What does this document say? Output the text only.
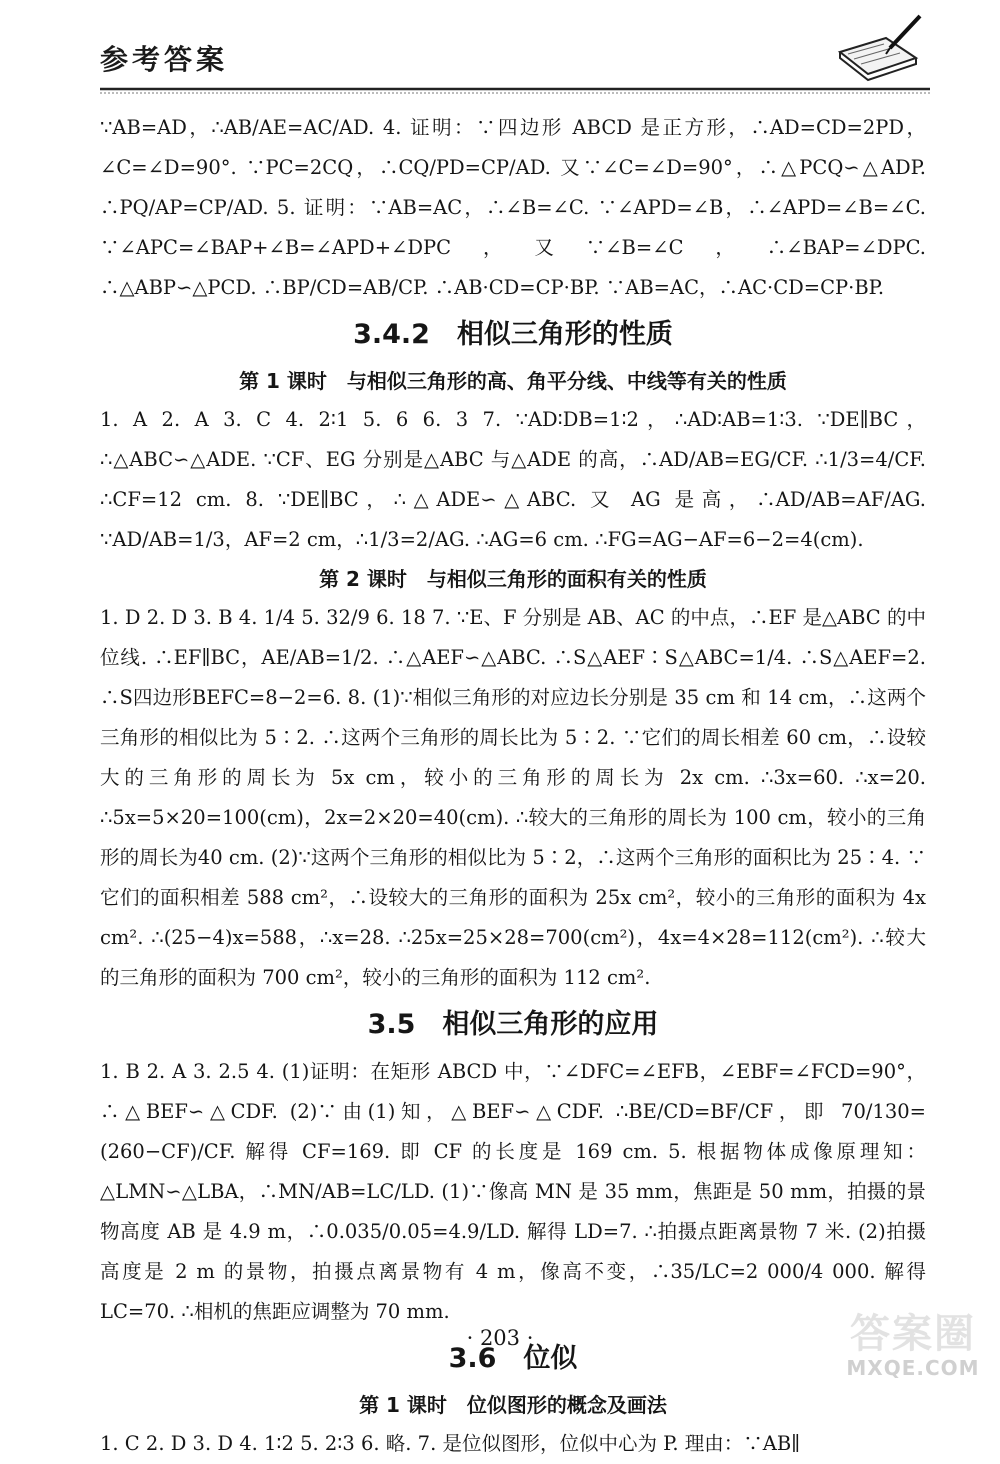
参考答案

∵AB=AD，∴AB/AE=AC/AD. 4. 证明：∵四边形 ABCD 是正方形，∴AD=CD=2PD，∠C=∠D=90°. ∵PC=2CQ，∴CQ/PD=CP/AD. 又∵∠C=∠D=90°，∴△PCQ∽△ADP. ∴PQ/AP=CP/AD. 5. 证明：∵AB=AC，∴∠B=∠C. ∵∠APD=∠B，∴∠APD=∠B=∠C. ∵∠APC=∠BAP+∠B=∠APD+∠DPC，又∵∠B=∠C，∴∠BAP=∠DPC. ∴△ABP∽△PCD. ∴BP/CD=AB/CP. ∴AB·CD=CP·BP. ∵AB=AC，∴AC·CD=CP·BP.

3.4.2　相似三角形的性质
第 1 课时　与相似三角形的高、角平分线、中线等有关的性质

1. A 2. A 3. C 4. 2∶1 5. 6 6. 3 7. ∵AD∶DB=1∶2，∴AD∶AB=1∶3. ∵DE∥BC，∴△ABC∽△ADE. ∵CF、EG 分别是△ABC 与△ADE 的高，∴AD/AB=EG/CF. ∴1/3=4/CF. ∴CF=12 cm. 8. ∵DE∥BC，∴△ADE∽△ABC. 又 AG 是高，∴AD/AB=AF/AG. ∵AD/AB=1/3，AF=2 cm，∴1/3=2/AG. ∴AG=6 cm. ∴FG=AG−AF=6−2=4(cm).

第 2 课时　与相似三角形的面积有关的性质

1. D 2. D 3. B 4. 1/4 5. 32/9 6. 18 7. ∵E、F 分别是 AB、AC 的中点，∴EF 是△ABC 的中位线. ∴EF∥BC，AE/AB=1/2. ∴△AEF∽△ABC. ∴S△AEF∶S△ABC=1/4. ∴S△AEF=2. ∴S四边形BEFC=8−2=6. 8. (1)∵相似三角形的对应边长分别是 35 cm 和 14 cm，∴这两个三角形的相似比为 5∶2. ∴这两个三角形的周长比为 5∶2. ∵它们的周长相差 60 cm，∴设较大的三角形的周长为 5x cm，较小的三角形的周长为 2x cm. ∴3x=60. ∴x=20. ∴5x=5×20=100(cm)，2x=2×20=40(cm). ∴较大的三角形的周长为 100 cm，较小的三角形的周长为40 cm. (2)∵这两个三角形的相似比为 5∶2，∴这两个三角形的面积比为 25∶4. ∵它们的面积相差 588 cm²，∴设较大的三角形的面积为 25x cm²，较小的三角形的面积为 4x cm². ∴(25−4)x=588，∴x=28. ∴25x=25×28=700(cm²)，4x=4×28=112(cm²). ∴较大的三角形的面积为 700 cm²，较小的三角形的面积为 112 cm².

3.5　相似三角形的应用

1. B 2. A 3. 2.5 4. (1)证明：在矩形 ABCD 中，∵∠DFC=∠EFB，∠EBF=∠FCD=90°，∴△BEF∽△CDF. (2)∵由(1)知，△BEF∽△CDF. ∴BE/CD=BF/CF，即 70/130=(260−CF)/CF. 解得 CF=169. 即 CF 的长度是 169 cm. 5. 根据物体成像原理知：△LMN∽△LBA，∴MN/AB=LC/LD. (1)∵像高 MN 是 35 mm，焦距是 50 mm，拍摄的景物高度 AB 是 4.9 m，∴0.035/0.05=4.9/LD. 解得 LD=7. ∴拍摄点距离景物 7 米. (2)拍摄高度是 2 m 的景物，拍摄点离景物有 4 m，像高不变，∴35/LC=2 000/4 000. 解得 LC=70. ∴相机的焦距应调整为 70 mm.

3.6　位似
第 1 课时　位似图形的概念及画法

1. C 2. D 3. D 4. 1∶2 5. 2∶3 6. 略. 7. 是位似图形，位似中心为 P. 理由：∵AB∥

· 203 ·	答案圈
MXQE.COM
